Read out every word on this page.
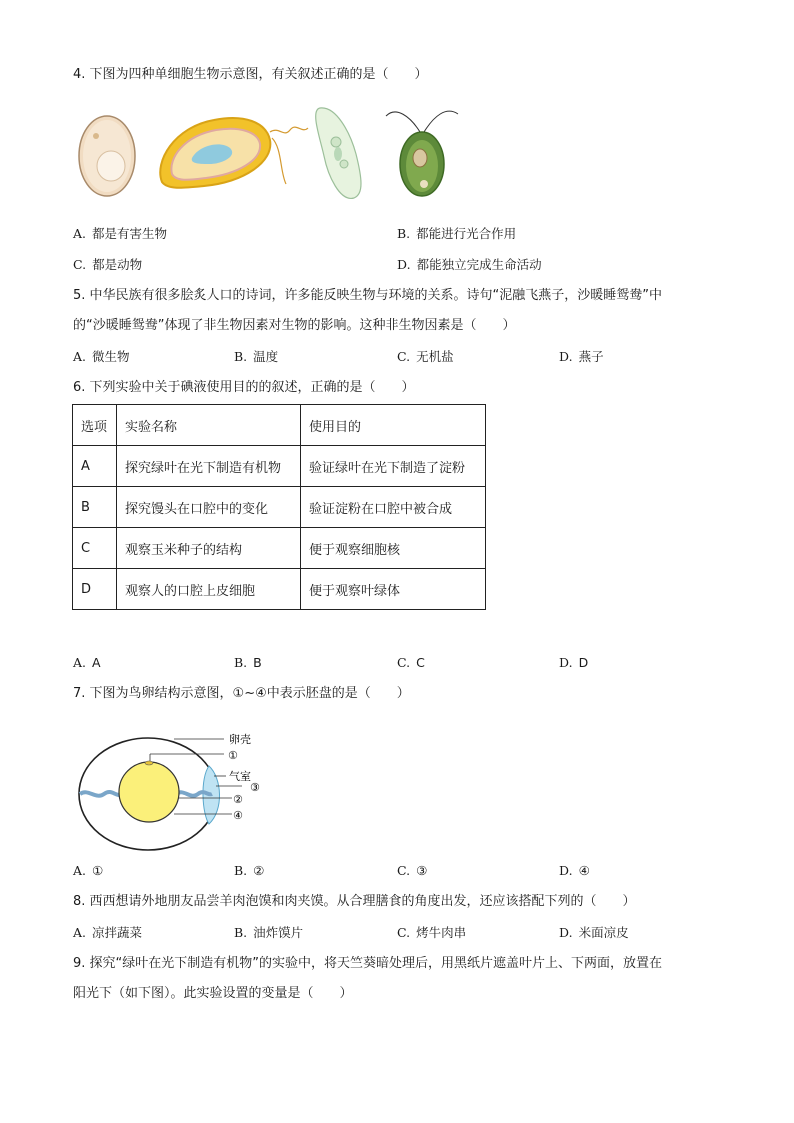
4. 下图为四种单细胞生物示意图，有关叙述正确的是（　　）
A. 都是有害生物	B. 都能进行光合作用
C. 都是动物	D. 都能独立完成生命活动
5. 中华民族有很多脍炙人口的诗词，许多能反映生物与环境的关系。诗句“泥融飞燕子，沙暖睡鸳鸯”中
的“沙暖睡鸳鸯”体现了非生物因素对生物的影响。这种非生物因素是（　　）
A. 微生物	B. 温度	C. 无机盐	D. 燕子
6. 下列实验中关于碘液使用目的的叙述，正确的是（　　）
选项	实验名称	使用目的
A	探究绿叶在光下制造有机物	验证绿叶在光下制造了淀粉
B	探究馒头在口腔中的变化	验证淀粉在口腔中被合成
C	观察玉米种子的结构	便于观察细胞核
D	观察人的口腔上皮细胞	便于观察叶绿体
A. A	B. B	C. C	D. D
7. 下图为鸟卵结构示意图，①~④中表示胚盘的是（　　）
卵壳
①
气室
③
②
④
A. ①	B. ②	C. ③	D. ④
8. 西西想请外地朋友品尝羊肉泡馍和肉夹馍。从合理膳食的角度出发，还应该搭配下列的（　　）
A. 凉拌蔬菜	B. 油炸馍片	C. 烤牛肉串	D. 米面凉皮
9. 探究“绿叶在光下制造有机物”的实验中，将天竺葵暗处理后，用黑纸片遮盖叶片上、下两面，放置在
阳光下（如下图）。此实验设置的变量是（　　）
